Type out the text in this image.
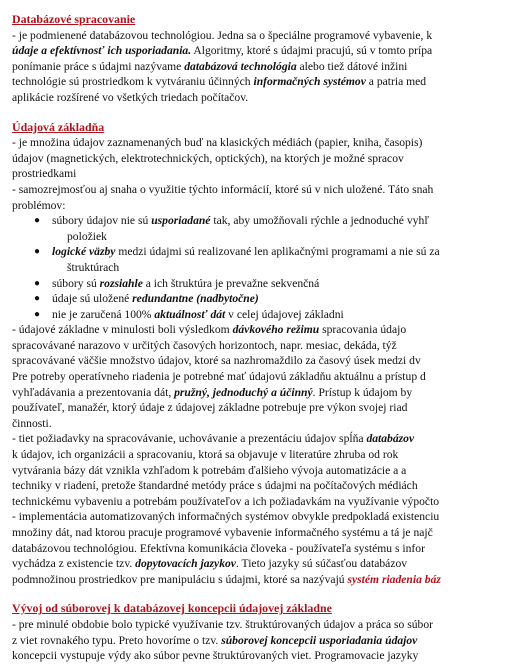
Databázové spracovanie
- je podmienené databázovou technológiou. Jedna sa o špeciálne programové vybavenie, k
údaje a efektívnosť ich usporiadania. Algoritmy, ktoré s údajmi pracujú, sú v tomto prípa
ponímanie práce s údajmi nazývame databázová technológia alebo tiež dátové inžini
technológie sú prostriedkom k vytváraniu účinných informačných systémov a patria med
aplikácie rozšírené vo všetkých triedach počítačov.
Údajová základňa
- je množina údajov zaznamenaných buď na klasických médiách (papier, kniha, časopis)
údajov (magnetických, elektrotechnických, optických), na ktorých je možné spracov
prostriedkami
- samozrejmosťou aj snaha o využitie týchto informácií, ktoré sú v nich uložené. Táto snah
problémov:
● súbory údajov nie sú usporiadané tak, aby umožňovali rýchle a jednoduché vyhľ
položiek
● logické väzby medzi údajmi sú realizované len aplikačnými programami a nie sú za
štruktúrach
● súbory sú rozsiahle a ich štruktúra je prevažne sekvenčná
● údaje sú uložené redundantne (nadbytočne)
● nie je zaručená 100% aktuálnosť dát v celej údajovej základni
- údajové základne v minulosti boli výsledkom dávkového režimu spracovania údajo
spracovávané narazovo v určitých časových horizontoch, napr. mesiac, dekáda, týž
spracovávané väčšie množstvo údajov, ktoré sa nazhromaždilo za časový úsek medzi dv
Pre potreby operatívneho riadenia je potrebné mať údajovú základňu aktuálnu a prístup d
vyhľadávania a prezentovania dát, pružný, jednoduchý a účinný. Prístup k údajom by
používateľ, manažér, ktorý údaje z údajovej základne potrebuje pre výkon svojej riad
činnosti.
- tiet požiadavky na spracovávanie, uchovávanie a prezentáciu údajov spĺňa databázov
k údajov, ich organizácii a spracovaniu, ktorá sa objavuje v literatúre zhruba od rok
vytvárania bázy dát vznikla vzhľadom k potrebám ďalšieho vývoja automatizácie a a
techniky v riadení, pretože štandardné metódy práce s údajmi na počítačových médiách
technickému vybaveniu a potrebám používateľov a ich požiadavkám na využívanie výpočto
- implementácia automatizovaných informačných systémov obvykle predpokladá existenciu
množiny dát, nad ktorou pracuje programové vybavenie informačného systému a tá je najč
databázovou technológiou. Efektívna komunikácia človeka - používateľa systému s infor
vychádza z existencie tzv. dopytovacích jazykov. Tieto jazyky sú súčasťou databázov
podmnožinou prostriedkov pre manipuláciu s údajmi, ktoré sa nazývajú systém riadenia báz
Vývoj od súborovej k databázovej koncepcii údajovej základne
- pre minulé obdobie bolo typické využívanie tzv. štruktúrovaných údajov a práca so súbor
z viet rovnakého typu. Preto hovoríme o tzv. súborovej koncepcii usporiadania údajov
koncepcii vystupuje výdy ako súbor pevne štruktúrovaných viet. Programovacie jazyky
